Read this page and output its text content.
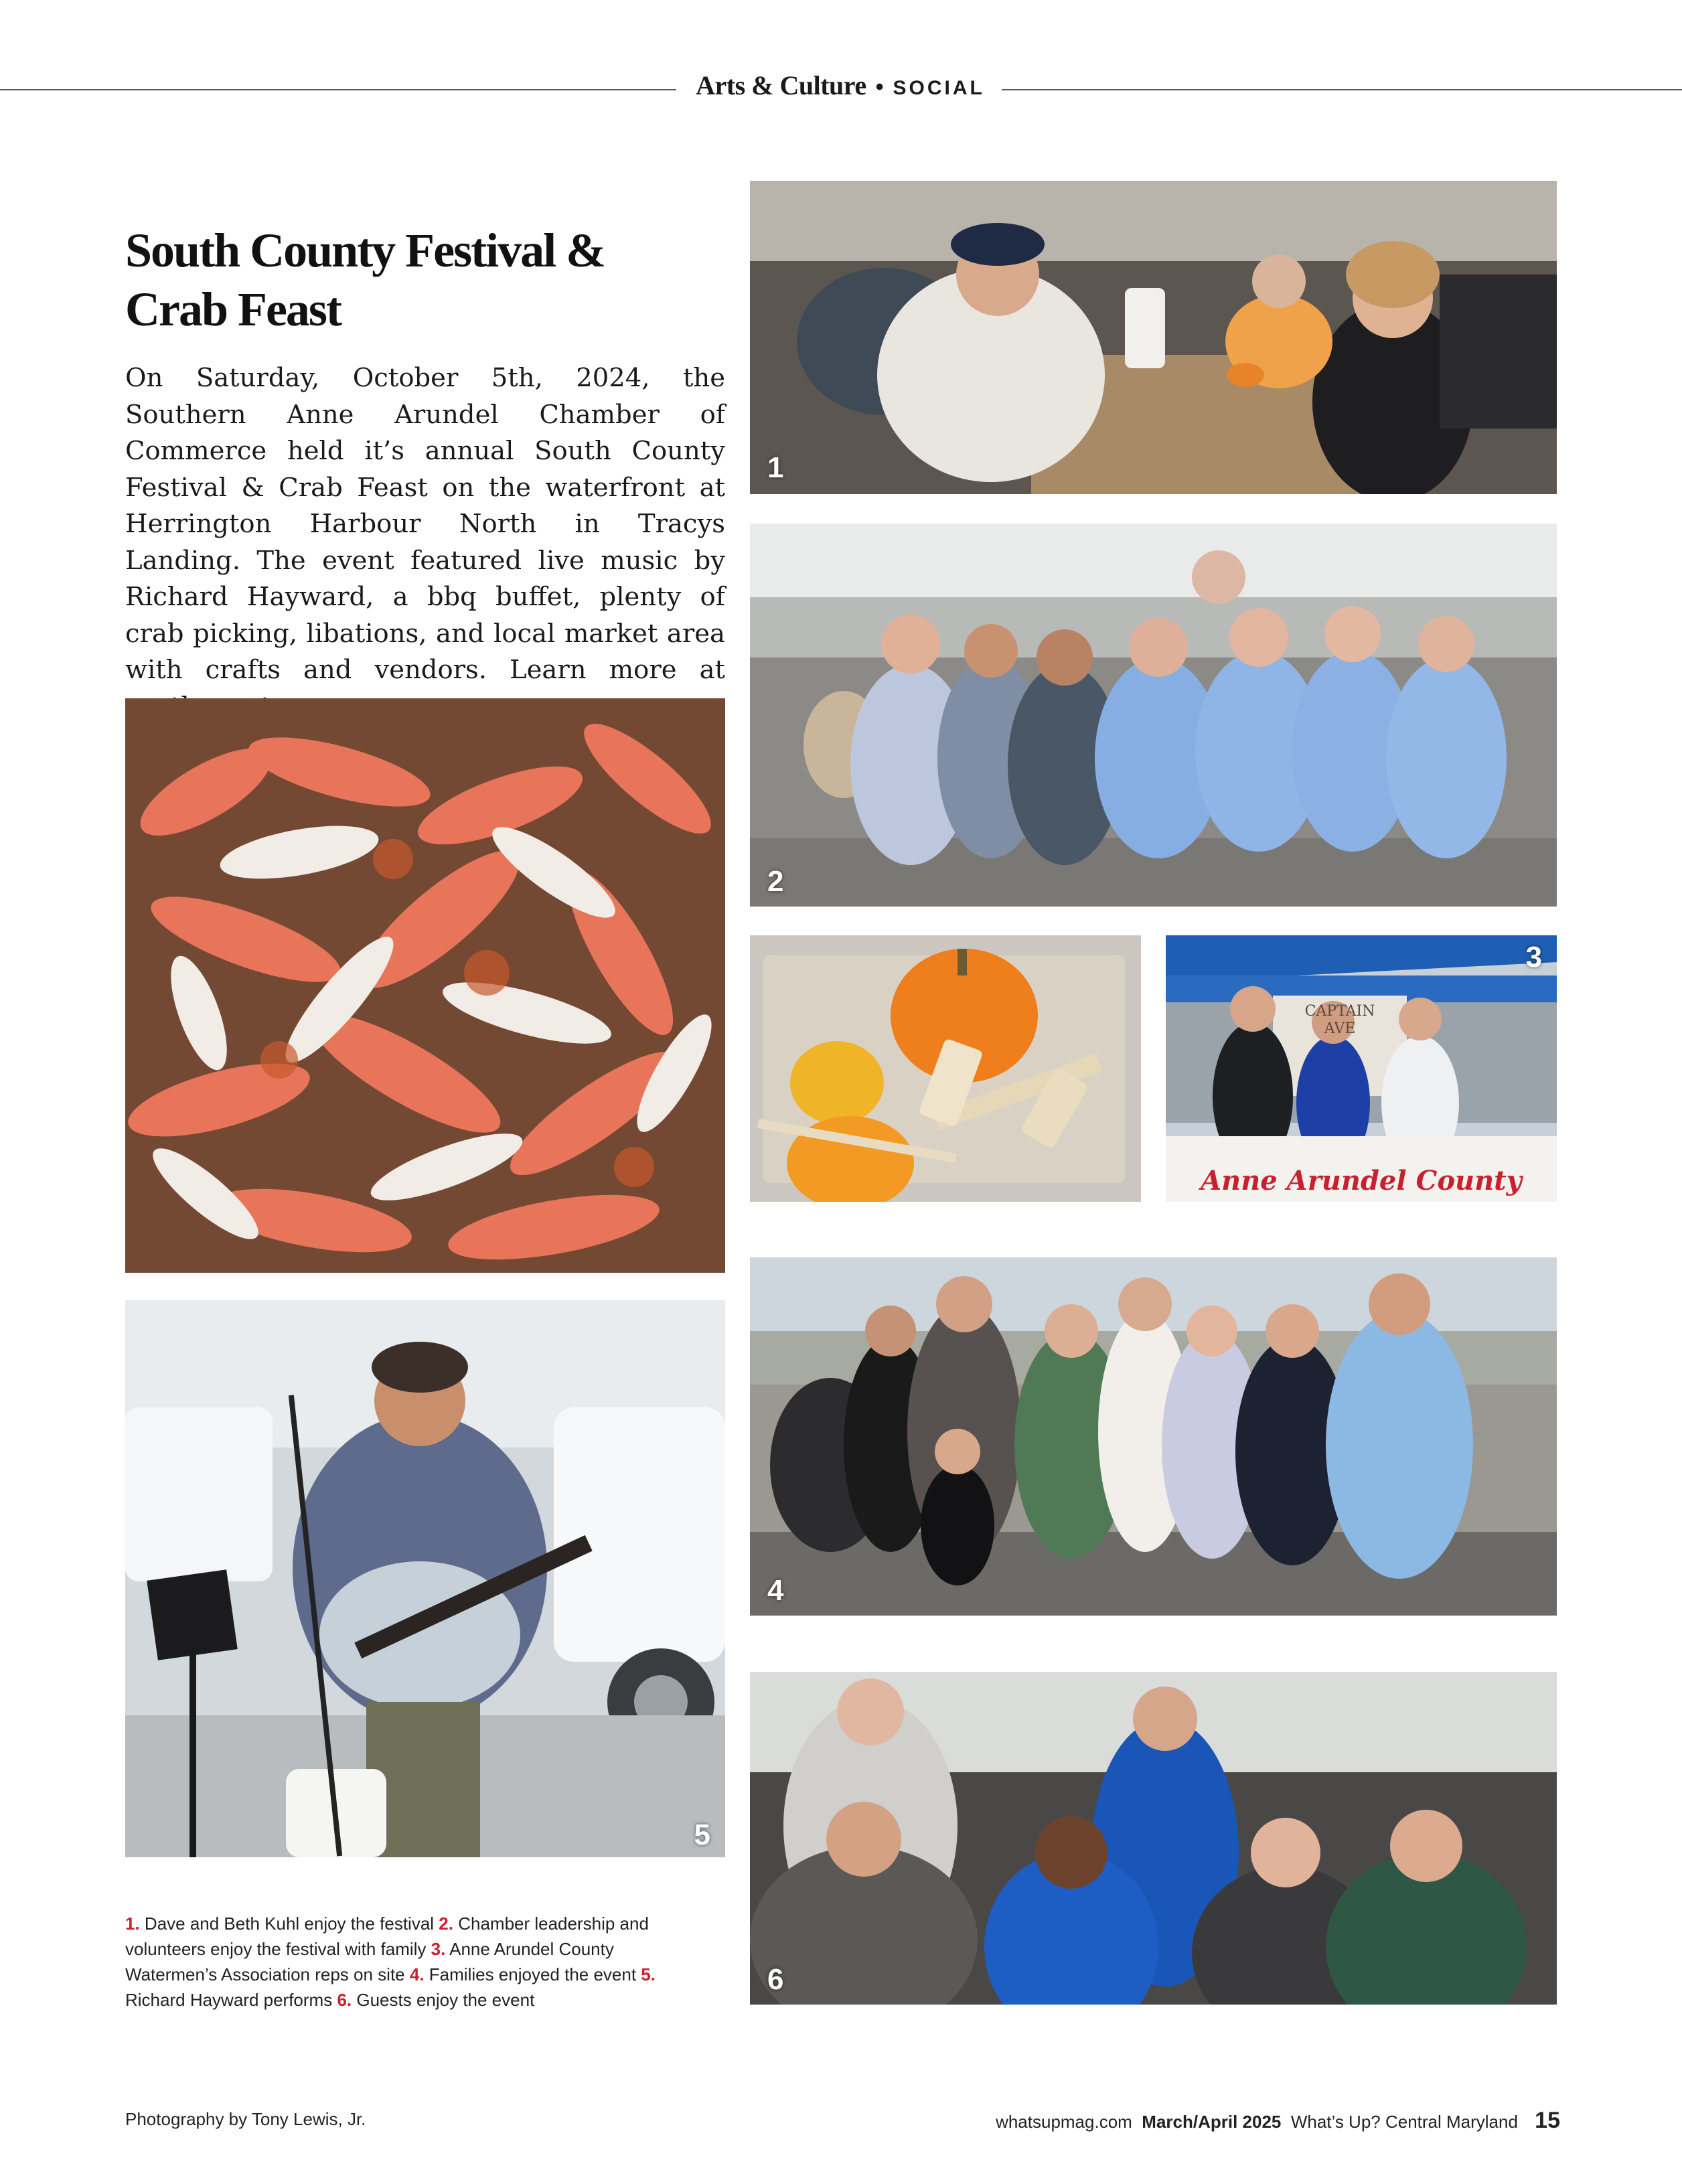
Arts & Culture • SOCIAL
South County Festival &
Crab Feast

On Saturday, October 5th, 2024, the Southern Anne Arundel Chamber of Commerce held it’s annual South County Festival & Crab Feast on the waterfront at Herrington Harbour North in Tracys Landing. The event featured live music by Richard Hayward, a bbq buffet, plenty of crab picking, libations, and local market area with crafts and vendors. Learn more at

1
2
Anne Arundel County
CAPTAIN
AVE
3
5
4
6

1. Dave and Beth Kuhl enjoy the festival 2. Chamber leadership and volunteers enjoy the festival with family 3. Anne Arundel County Watermen’s Association reps on site 4. Families enjoyed the event 5. Richard Hayward performs 6. Guests enjoy the event

Photography by Tony Lewis, Jr.	whatsupmag.com March/April 2025 What’s Up? Central Maryland 15
